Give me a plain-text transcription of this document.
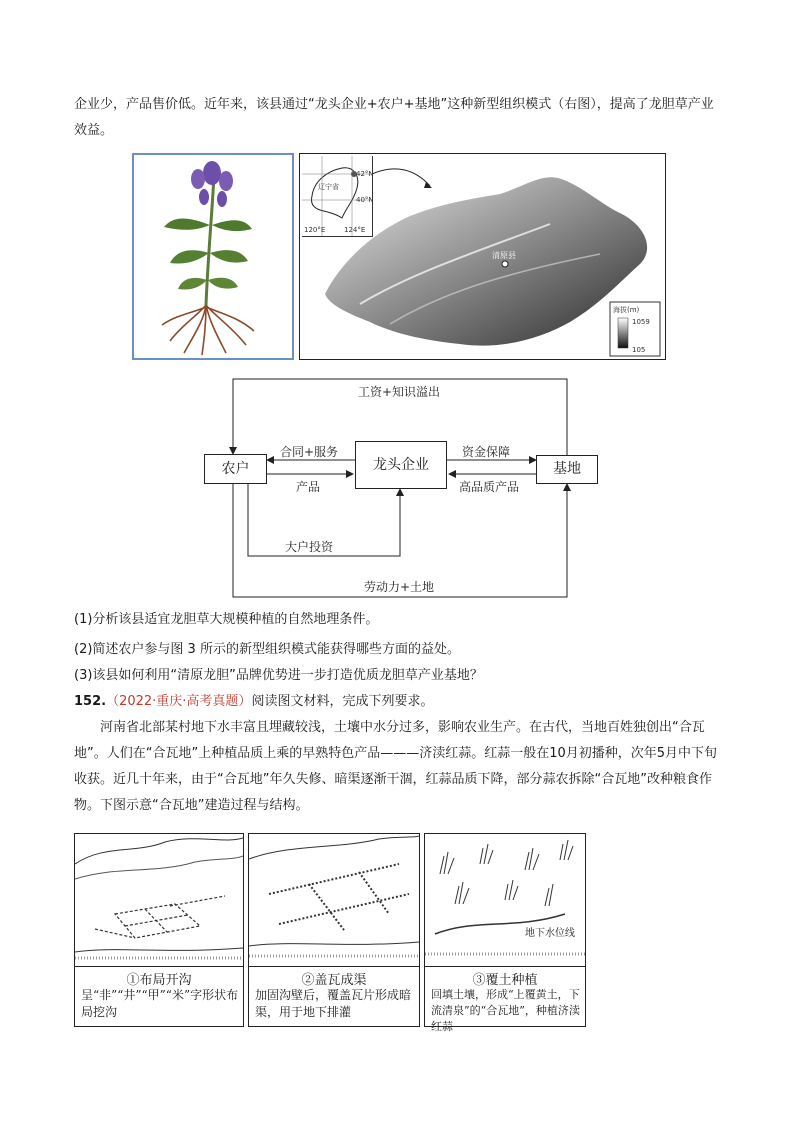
企业少，产品售价低。近年来，该县通过“龙头企业+农户+基地”这种新型组织模式（右图），提高了龙胆草产业效益。
辽宁省
42°N
40°N
120°E	124°E
清原县
海拔(m)
1059
105
农户	龙头企业	基地
工资+知识溢出
合同+服务
产品
资金保障
高品质产品
大户投资
劳动力+土地
(1)分析该县适宜龙胆草大规模种植的自然地理条件。
(2)简述农户参与图 3 所示的新型组织模式能获得哪些方面的益处。
(3)该县如何利用“清原龙胆”品牌优势进一步打造优质龙胆草产业基地？
152.（2022·重庆·高考真题）阅读图文材料，完成下列要求。
河南省北部某村地下水丰富且埋藏较浅，土壤中水分过多，影响农业生产。在古代，当地百姓独创出“合瓦地”。人们在“合瓦地”上种植品质上乘的早熟特色产品———济渎红蒜。红蒜一般在10月初播种，次年5月中下旬收获。近几十年来，由于“合瓦地”年久失修、暗渠逐渐干涸，红蒜品质下降，部分蒜农拆除“合瓦地”改种粮食作物。下图示意“合瓦地”建造过程与结构。
①布局开沟
呈“非”“井”“甲”“米”字形状布局挖沟
②盖瓦成渠
加固沟壁后，覆盖瓦片形成暗渠，用于地下排灌
地下水位线
③覆土种植
回填土壤，形成“上覆黄土，下流清泉”的“合瓦地”，种植济渎红蒜
